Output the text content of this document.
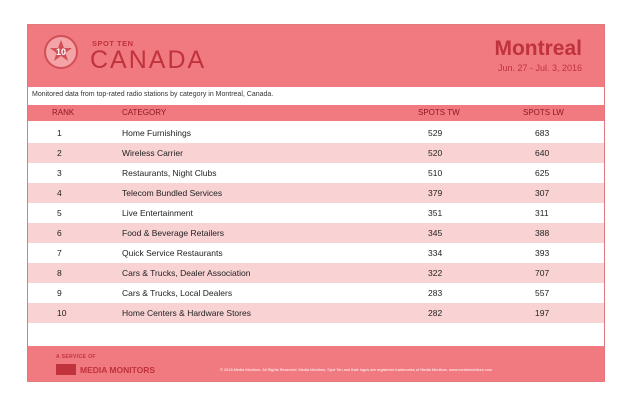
10
SPOT TEN
CANADA	Montreal
Jun. 27 - Jul. 3, 2016
Monitored data from top-rated radio stations by category in Montreal, Canada.
RANK	CATEGORY	SPOTS TW	SPOTS LW
1	Home Furnishings	529	683
2	Wireless Carrier	520	640
3	Restaurants, Night Clubs	510	625
4	Telecom Bundled Services	379	307
5	Live Entertainment	351	311
6	Food & Beverage Retailers	345	388
7	Quick Service Restaurants	334	393
8	Cars & Trucks, Dealer Association	322	707
9	Cars & Trucks, Local Dealers	283	557
10	Home Centers & Hardware Stores	282	197
A SERVICE OF
MEDIA MONITORS	© 2016 Media Monitors. All Rights Reserved. Media Monitors, Spot Ten and their logos are registered trademarks of Media Monitors. www.mediamonitors.com
